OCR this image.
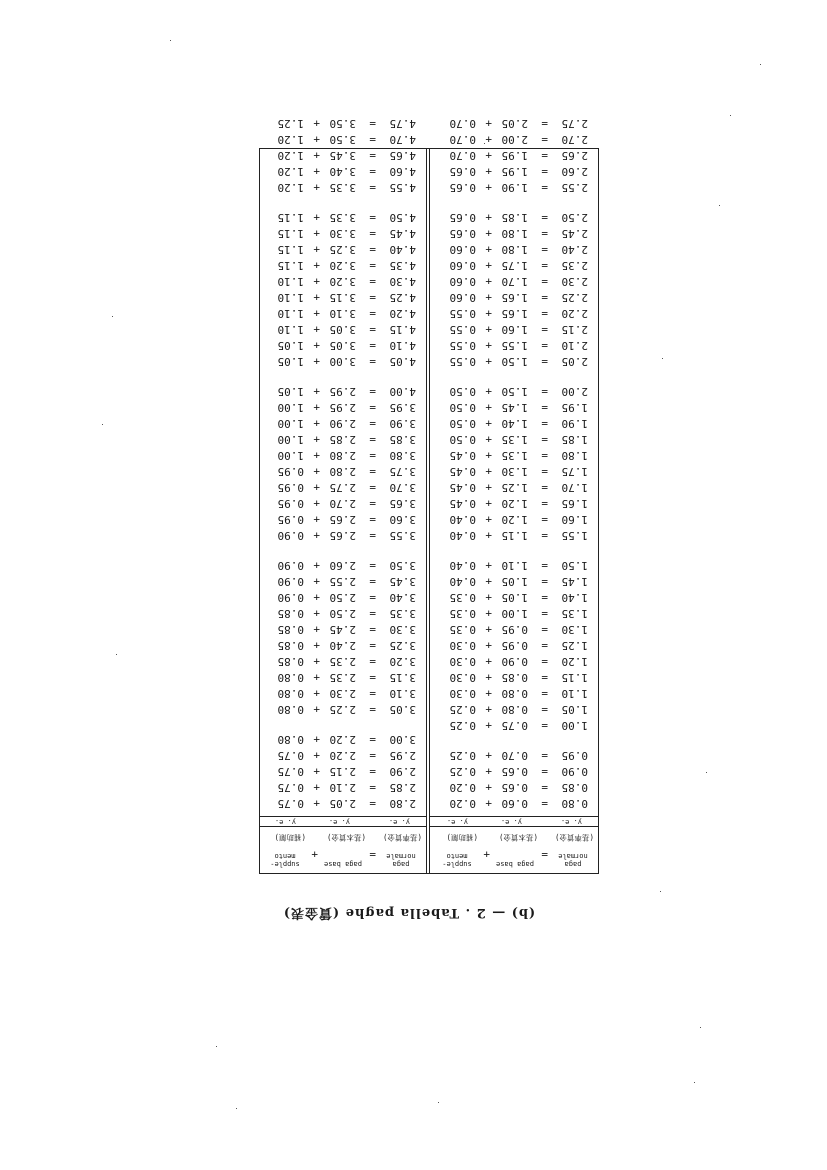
(b) — 2 . Tabella paghe (賃金表)
paga normale
=
paga base
+
supple- mento
(基準賃金)
(基本賃金)
(補助額)
y. e.
y. e.
y. e.
0.80
=
0.60
+
0.20
0.85
=
0.65
+
0.20
0.90
=
0.65
+
0.25
0.95
=
0.70
+
0.25
1.00
=
0.75
+
0.25
1.05
=
0.80
+
0.25
1.10
=
0.80
+
0.30
1.15
=
0.85
+
0.30
1.20
=
0.90
+
0.30
1.25
=
0.95
+
0.30
1.30
=
0.95
+
0.35
1.35
=
1.00
+
0.35
1.40
=
1.05
+
0.35
1.45
=
1.05
+
0.40
1.50
=
1.10
+
0.40
1.55
=
1.15
+
0.40
1.60
=
1.20
+
0.40
1.65
=
1.20
+
0.45
1.70
=
1.25
+
0.45
1.75
=
1.30
+
0.45
1.80
=
1.35
+
0.45
1.85
=
1.35
+
0.50
1.90
=
1.40
+
0.50
1.95
=
1.45
+
0.50
2.00
=
1.50
+
0.50
2.05
=
1.50
+
0.55
2.10
=
1.55
+
0.55
2.15
=
1.60
+
0.55
2.20
=
1.65
+
0.55
2.25
=
1.65
+
0.60
2.30
=
1.70
+
0.60
2.35
=
1.75
+
0.60
2.40
=
1.80
+
0.60
2.45
=
1.80
+
0.65
2.50
=
1.85
+
0.65
2.55
=
1.90
+
0.65
2.60
=
1.95
+
0.65
2.65
=
1.95
+
0.70
2.70
=
2.00
+
0.70
2.75
=
2.05
+
0.70
paga normale
=
paga base
+
supple- mento
(基準賃金)
(基本賃金)
(補助額)
y. e.
y. e.
y. e.
2.80
=
2.05
+
0.75
2.85
=
2.10
+
0.75
2.90
=
2.15
+
0.75
2.95
=
2.20
+
0.75
3.00
=
2.20
+
0.80
3.05
=
2.25
+
0.80
3.10
=
2.30
+
0.80
3.15
=
2.35
+
0.80
3.20
=
2.35
+
0.85
3.25
=
2.40
+
0.85
3.30
=
2.45
+
0.85
3.35
=
2.50
+
0.85
3.40
=
2.50
+
0.90
3.45
=
2.55
+
0.90
3.50
=
2.60
+
0.90
3.55
=
2.65
+
0.90
3.60
=
2.65
+
0.95
3.65
=
2.70
+
0.95
3.70
=
2.75
+
0.95
3.75
=
2.80
+
0.95
3.80
=
2.80
+
1.00
3.85
=
2.85
+
1.00
3.90
=
2.90
+
1.00
3.95
=
2.95
+
1.00
4.00
=
2.95
+
1.05
4.05
=
3.00
+
1.05
4.10
=
3.05
+
1.05
4.15
=
3.05
+
1.10
4.20
=
3.10
+
1.10
4.25
=
3.15
+
1.10
4.30
=
3.20
+
1.10
4.35
=
3.20
+
1.15
4.40
=
3.25
+
1.15
4.45
=
3.30
+
1.15
4.50
=
3.35
+
1.15
4.55
=
3.35
+
1.20
4.60
=
3.40
+
1.20
4.65
=
3.45
+
1.20
4.70
=
3.50
+
1.20
4.75
=
3.50
+
1.25
